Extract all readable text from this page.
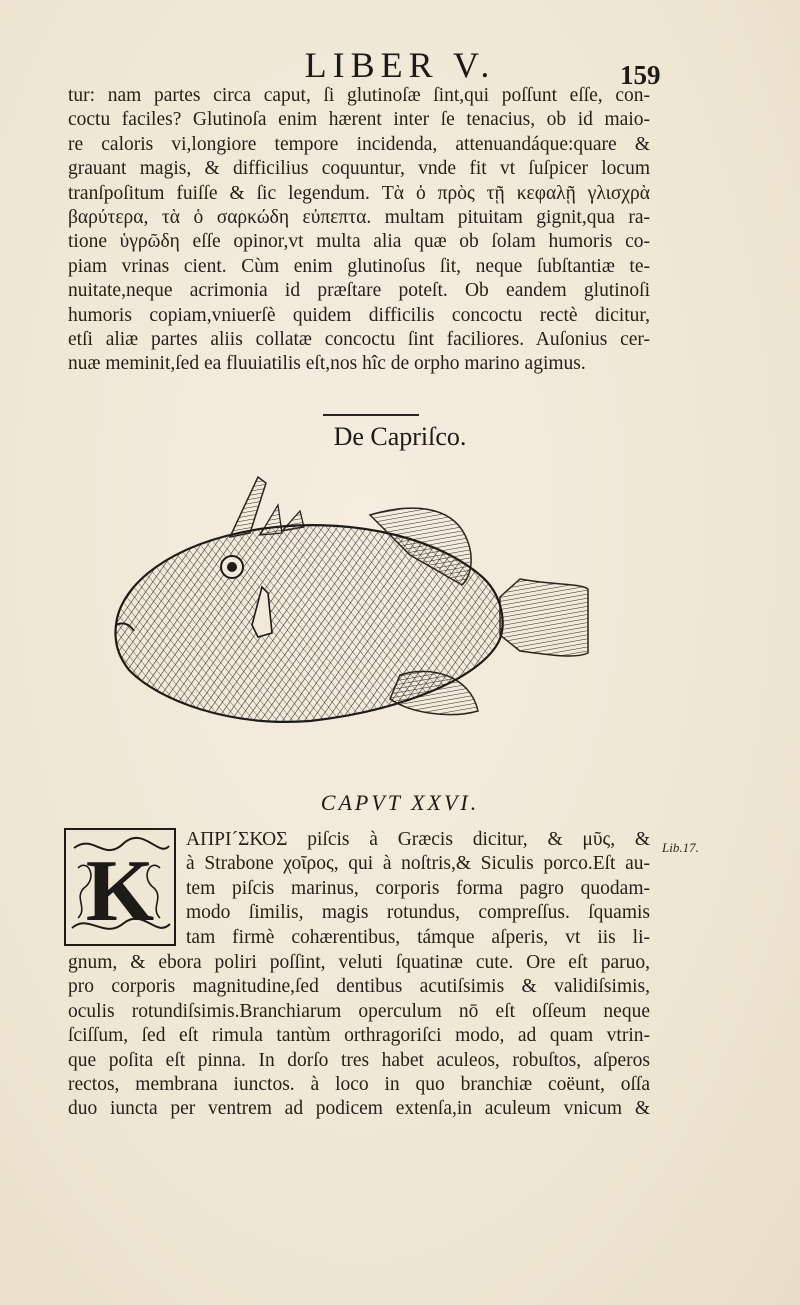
LIBER V.	159
tur: nam partes circa caput, ſi glutinoſæ ſint,qui poſſunt eſſe, con-
coctu faciles? Glutinoſa enim hærent inter ſe tenacius, ob id maio-
re caloris vi,longiore tempore incidenda, attenuandáque:quare &
grauant magis, & difficilius coquuntur, vnde fit vt ſuſpicer locum
tranſpoſitum fuiſſe & ſic legendum. Τὰ ὁ πρὸς τῇ κεφαλῇ γλισχρὰ
βαρύτερα, τὰ ὁ σαρκώδη εὐπεπτα. multam pituitam gignit,qua ra-
tione ὑγρῶδη eſſe opinor,vt multa alia quæ ob ſolam humoris co-
piam vrinas cient. Cùm enim glutinoſus ſit, neque ſubſtantiæ te-
nuitate,neque acrimonia id præſtare poteſt. Ob eandem glutinoſi
humoris copiam,vniuerſè quidem difficilis concoctu rectè dicitur,
etſi aliæ partes aliis collatæ concoctu ſint faciliores. Auſonius cer-
nuæ meminit,ſed ea fluuiatilis eſt,nos hîc de orpho marino agimus.
De Capriſco.
CAPVT XXVI.
K
ΑΠΡΙ´ΣΚΟΣ piſcis à Græcis dicitur, & μῦς, &
à Strabone χοῖρος, qui à noſtris,& Siculis porco.Eſt au-
tem piſcis marinus, corporis forma pagro quodam-
modo ſimilis, magis rotundus, compreſſus. ſquamis
tam firmè cohærentibus, támque aſperis, vt iis li-
Lib.17.
gnum, & ebora poliri poſſint, veluti ſquatinæ cute. Ore eſt paruo,
pro corporis magnitudine,ſed dentibus acutiſsimis & validiſsimis,
oculis rotundiſsimis.Branchiarum operculum nō eſt oſſeum neque
ſciſſum, ſed eſt rimula tantùm orthragoriſci modo, ad quam vtrin-
que poſita eſt pinna. In dorſo tres habet aculeos, robuſtos, aſperos
rectos, membrana iunctos. à loco in quo branchiæ coëunt, oſſa
duo iuncta per ventrem ad podicem extenſa,in aculeum vnicum &
